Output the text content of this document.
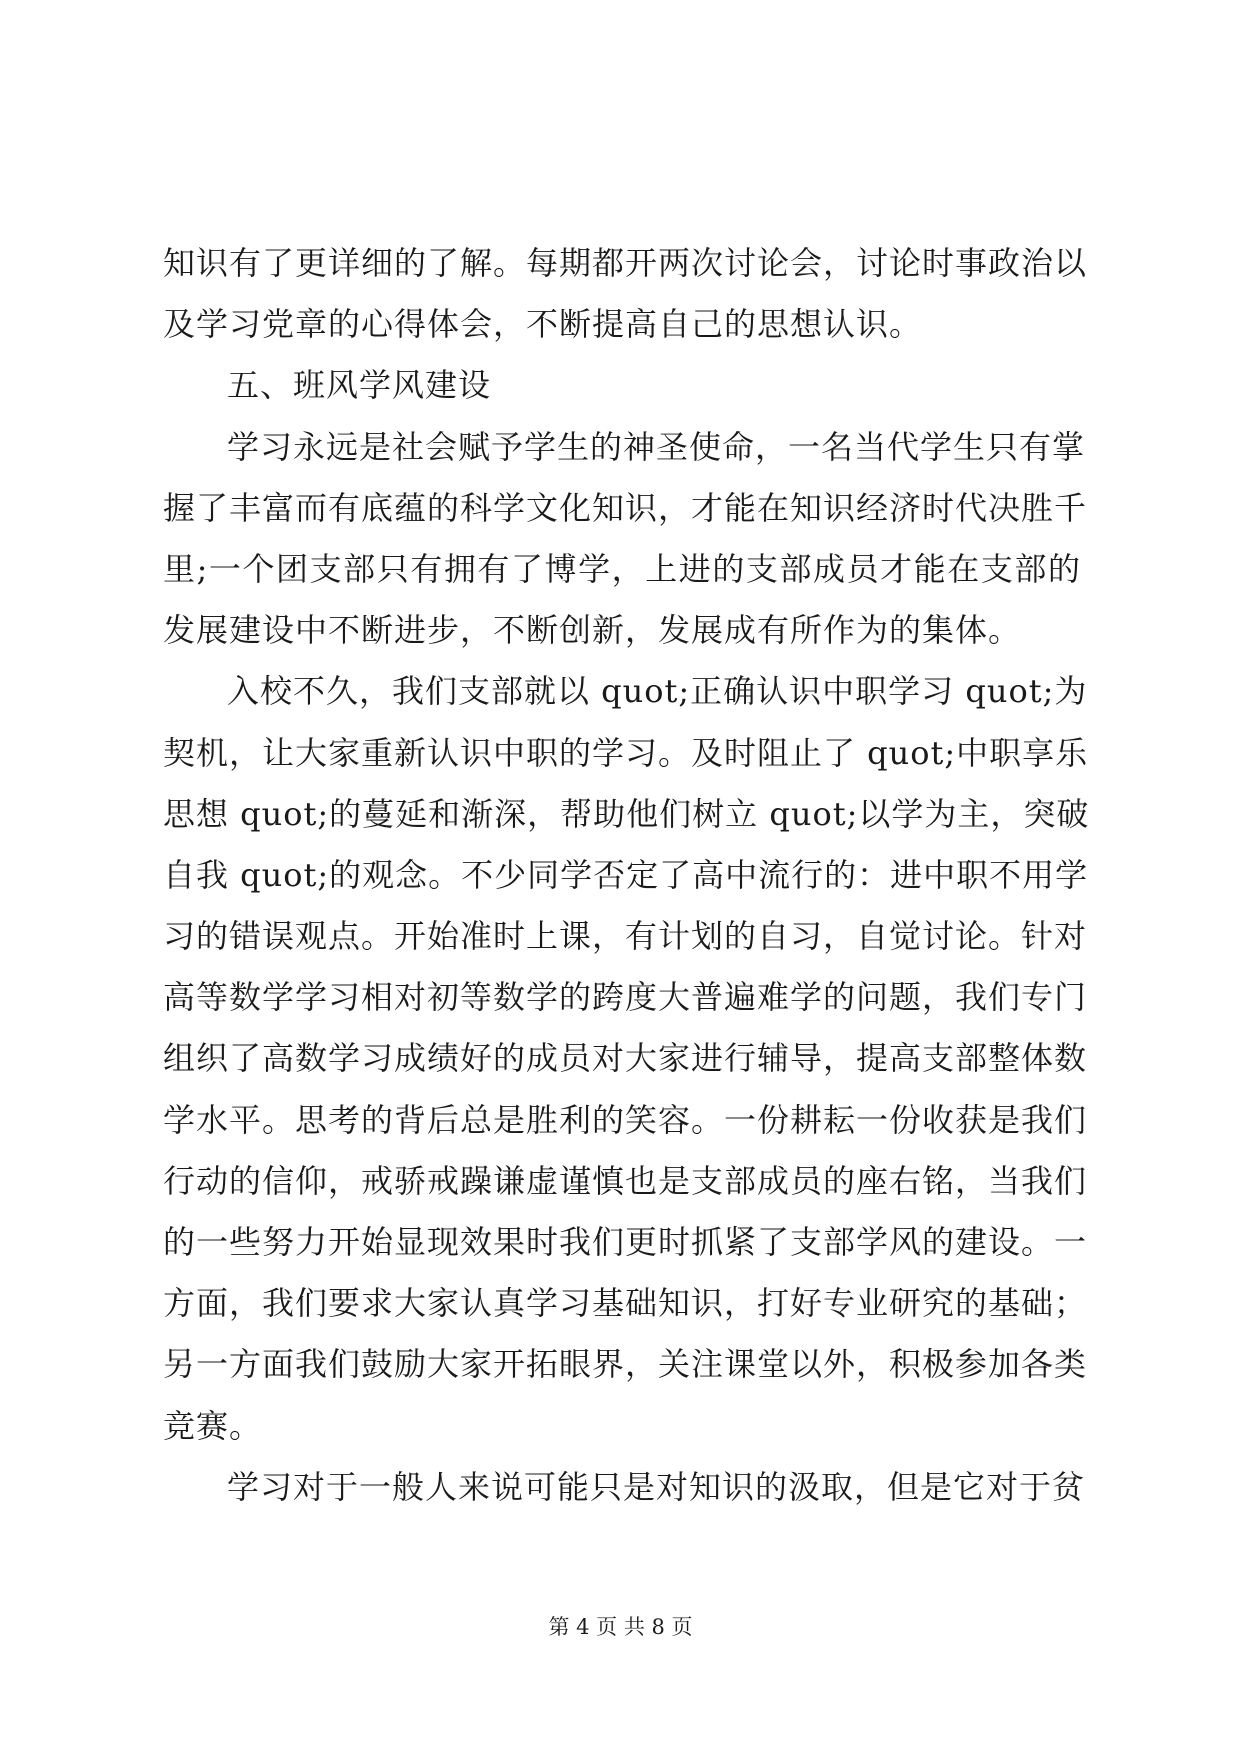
知识有了更详细的了解。每期都开两次讨论会，讨论时事政治以
及学习党章的心得体会，不断提高自己的思想认识。
五、班风学风建设
学习永远是社会赋予学生的神圣使命，一名当代学生只有掌
握了丰富而有底蕴的科学文化知识，才能在知识经济时代决胜千
里;一个团支部只有拥有了博学，上进的支部成员才能在支部的
发展建设中不断进步，不断创新，发展成有所作为的集体。
入校不久，我们支部就以 quot;正确认识中职学习 quot;为
契机，让大家重新认识中职的学习。及时阻止了 quot;中职享乐
思想 quot;的蔓延和渐深，帮助他们树立 quot;以学为主，突破
自我 quot;的观念。不少同学否定了高中流行的：进中职不用学
习的错误观点。开始准时上课，有计划的自习，自觉讨论。针对
高等数学学习相对初等数学的跨度大普遍难学的问题，我们专门
组织了高数学习成绩好的成员对大家进行辅导，提高支部整体数
学水平。思考的背后总是胜利的笑容。一份耕耘一份收获是我们
行动的信仰，戒骄戒躁谦虚谨慎也是支部成员的座右铭，当我们
的一些努力开始显现效果时我们更时抓紧了支部学风的建设。一
方面，我们要求大家认真学习基础知识，打好专业研究的基础；
另一方面我们鼓励大家开拓眼界，关注课堂以外，积极参加各类
竞赛。
学习对于一般人来说可能只是对知识的汲取，但是它对于贫
第 4 页 共 8 页
